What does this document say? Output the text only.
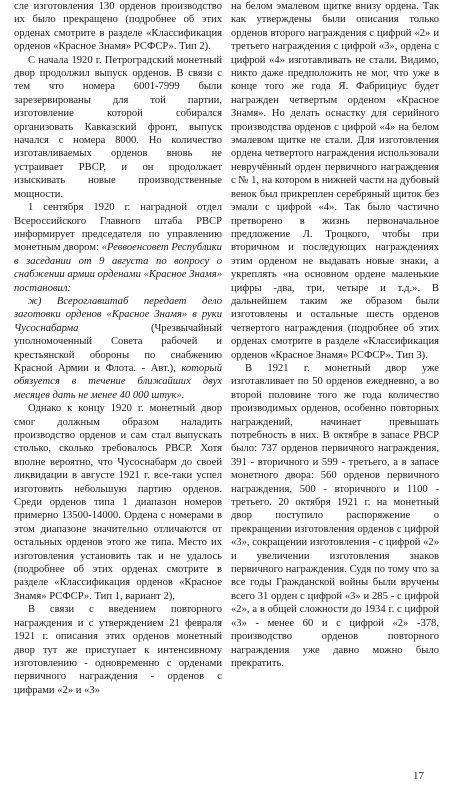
сле изготовления 130 орденов производство их было прекращено (подробнее об этих орденах смотрите в разделе «Классификация орденов «Красное Знамя» РСФСР». Тип 2).

С начала 1920 г. Петроградский монетный двор продолжил выпуск орденов. В связи с тем что номера 6001-7999 были зарезервированы для той партии, изготовление которой собирался организовать Кавказский фронт, выпуск начался с номера 8000. Но количество изготавливаемых орденов вновь не устраивает РВСР, и он продолжает изыскивать новые производственные мощности.

1 сентября 1920 г. наградной отдел Всероссийского Главного штаба РВСР информирует председателя по управлению монетным двором: «Реввоенсовет Республики в заседании от 9 августа по вопросу о снабжении армии орденами «Красное Знамя» постановил:

ж) Всероглавштаб передает дело заготовки орденов «Красное Знамя» в руки Чусоснабарма (Чрезвычайный уполномоченный Совета рабочей и крестьянской обороны по снабжению Красной Армии и Флота. - Авт.), который обязуется в течение ближайших двух месяцев дать не менее 40 000 штук».

Однако к концу 1920 г. монетный двор смог должным образом наладить производство орденов и сам стал выпускать столько, сколько требовалось РВСР. Хотя вполне вероятно, что Чусоснабарм до своей ликвидации в августе 1921 г. все-таки успел изготовить небольшую партию орденов. Среди орденов типа 1 диапазон номеров примерно 13500-14000. Ордена с номерами в этом диапазоне значительно отличаются от остальных орденов этого же типа. Место их изготовления установить так и не удалось (подробнее об этих орденах смотрите в разделе «Классификация орденов «Красное Знамя» РСФСР». Тип 1, вариант 2),

В связи с введением повторного награждения и с утверждением 21 февраля 1921 г. описания этих орденов монетный двор тут же приступает к интенсивному изготовлению - одновременно с орденами первичного награждения - орденов с цифрами «2» и «3»

на белом эмалевом щитке внизу ордена. Так как утверждены были описания только орденов второго награждения с цифрой «2» и третьего награждения с цифрой «3», ордена с цифрой «4» изготавливать не стали. Видимо, никто даже предположить не мог, что уже в конце того же года Я. Фабрициус будет награжден четвертым орденом «Красное Знамя». Но делать оснастку для серийного производства орденов с цифрой «4» на белом эмалевом щитке не стали. Для изготовления ордена четвертого награждения использовали невручённый орден первичного награждения с № 1, на котором в нижней части на дубовый венок был прикреплен серебряный щиток без эмали с цифрой «4». Так было частично претворено в жизнь первоначальное предложение Л. Троцкого, чтобы при вторичном и последующих награждениях этим орденом не выдавать новые знаки, а укреплять «на основном ордене маленькие цифры -два, три, четыре и т.д.». В дальнейшем таким же образом были изготовлены и остальные шесть орденов четвертого награждения (подробнее об этих орденах смотрите в разделе «Классификация орденов «Красное Знамя» РСФСР». Тип 3).

В 1921 г. монетный двор уже изготавливает по 50 орденов ежедневно, а во второй половине того же года количество производимых орденов, особенно повторных награждений, начинает превышать потребность в них. В октябре в запасе РВСР было: 737 орденов первичного награждения, 391 - вторичного и 599 - третьего, а в запасе монетного двора: 560 орденов первичного награждения, 500 - вторичного и 1100 - третьего. 20 октября 1921 г. на монетный двор поступило распоряжение о прекращении изготовления орденов с цифрой «3», сокращении изготовления - с цифрой «2» и увеличении изготовления знаков первичного награждения. Судя по тому что за все годы Гражданской войны были вручены всего 31 орден с цифрой «3» и 285 - с цифрой «2», а в общей сложности до 1934 г. с цифрой «3» - менее 60 и с цифрой «2» -378, производство орденов повторного награждения уже давно можно было прекратить.

17
